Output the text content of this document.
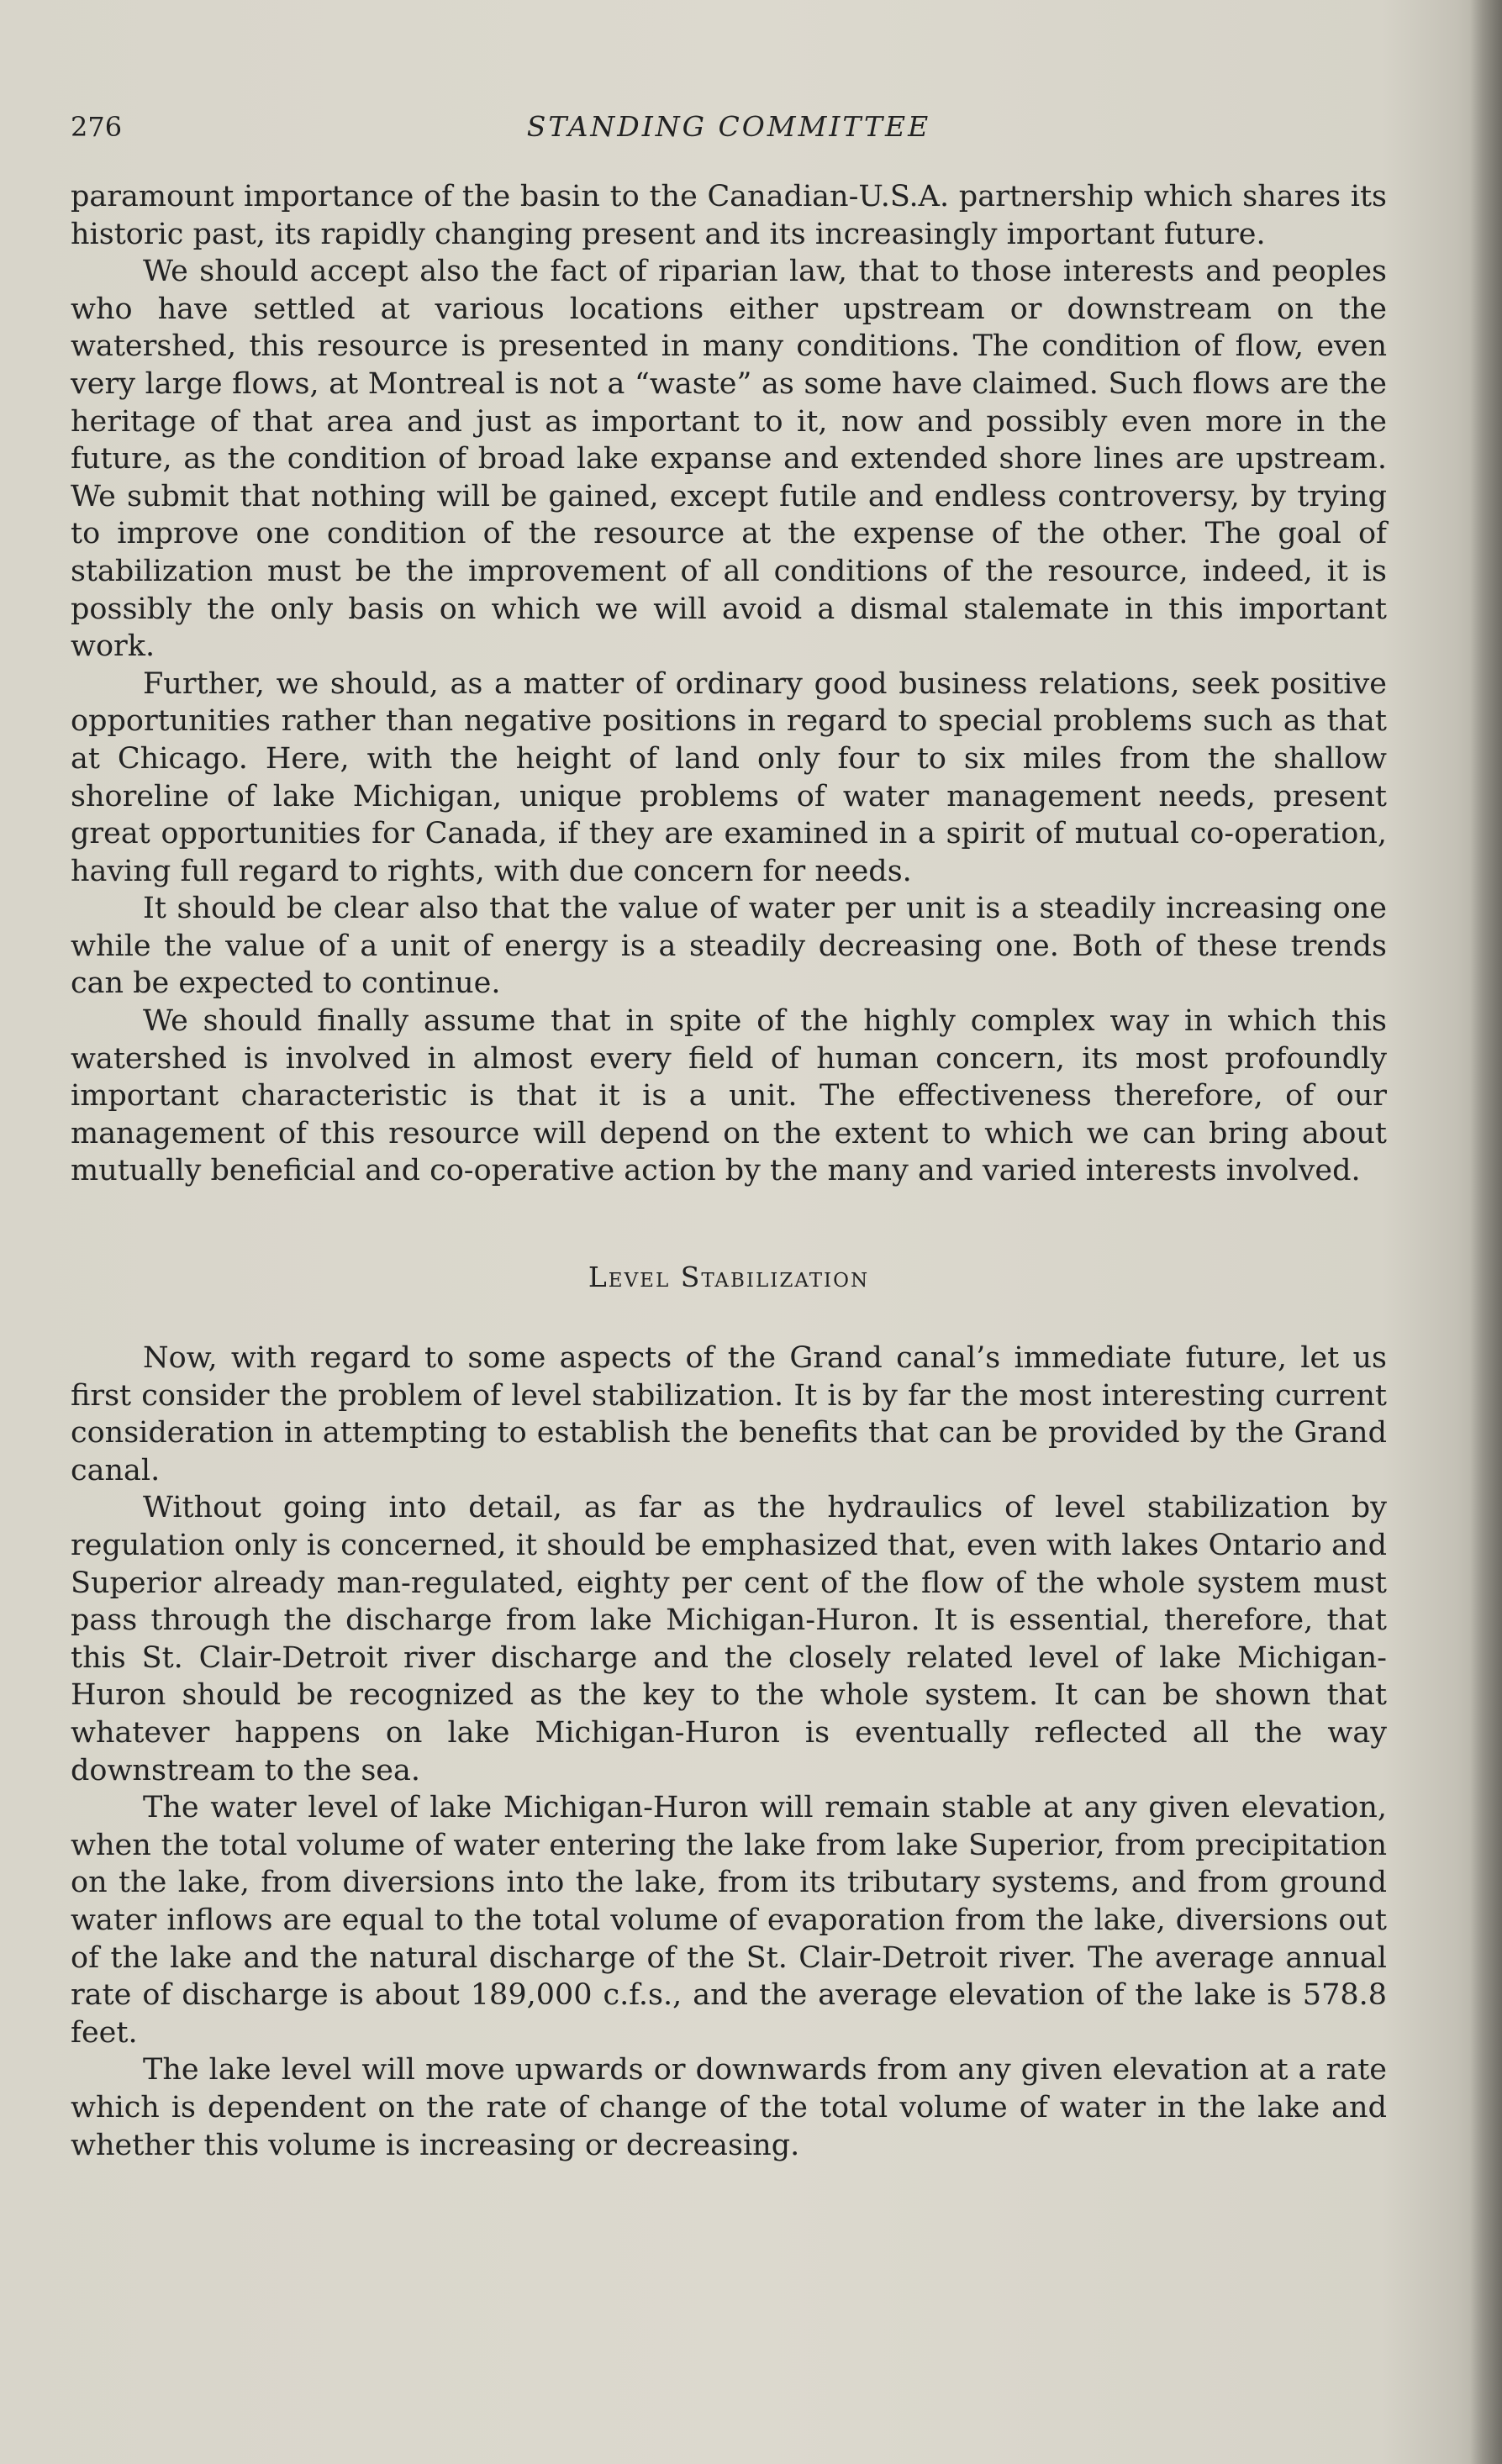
276	STANDING COMMITTEE

paramount importance of the basin to the Canadian-U.S.A. partnership which shares its historic past, its rapidly changing present and its increasingly important future.

We should accept also the fact of riparian law, that to those interests and peoples who have settled at various locations either upstream or downstream on the watershed, this resource is presented in many conditions. The condition of flow, even very large flows, at Montreal is not a “waste” as some have claimed. Such flows are the heritage of that area and just as important to it, now and possibly even more in the future, as the condition of broad lake expanse and extended shore lines are upstream. We submit that nothing will be gained, except futile and endless controversy, by trying to improve one condition of the resource at the expense of the other. The goal of stabilization must be the improvement of all conditions of the resource, indeed, it is possibly the only basis on which we will avoid a dismal stalemate in this important work.

Further, we should, as a matter of ordinary good business relations, seek positive opportunities rather than negative positions in regard to special problems such as that at Chicago. Here, with the height of land only four to six miles from the shallow shoreline of lake Michigan, unique problems of water management needs, present great opportunities for Canada, if they are examined in a spirit of mutual co-operation, having full regard to rights, with due concern for needs.

It should be clear also that the value of water per unit is a steadily increasing one while the value of a unit of energy is a steadily decreasing one. Both of these trends can be expected to continue.

We should finally assume that in spite of the highly complex way in which this watershed is involved in almost every field of human concern, its most profoundly important characteristic is that it is a unit. The effectiveness therefore, of our management of this resource will depend on the extent to which we can bring about mutually beneficial and co-operative action by the many and varied interests involved.

Level Stabilization

Now, with regard to some aspects of the Grand canal’s immediate future, let us first consider the problem of level stabilization. It is by far the most interesting current consideration in attempting to establish the benefits that can be provided by the Grand canal.

Without going into detail, as far as the hydraulics of level stabilization by regulation only is concerned, it should be emphasized that, even with lakes Ontario and Superior already man-regulated, eighty per cent of the flow of the whole system must pass through the discharge from lake Michigan-Huron. It is essential, therefore, that this St. Clair-Detroit river discharge and the closely related level of lake Michigan-Huron should be recognized as the key to the whole system. It can be shown that whatever happens on lake Michigan-Huron is eventually reflected all the way downstream to the sea.

The water level of lake Michigan-Huron will remain stable at any given elevation, when the total volume of water entering the lake from lake Superior, from precipitation on the lake, from diversions into the lake, from its tributary systems, and from ground water inflows are equal to the total volume of evaporation from the lake, diversions out of the lake and the natural discharge of the St. Clair-Detroit river. The average annual rate of discharge is about 189,000 c.f.s., and the average elevation of the lake is 578.8 feet.

The lake level will move upwards or downwards from any given elevation at a rate which is dependent on the rate of change of the total volume of water in the lake and whether this volume is increasing or decreasing.
